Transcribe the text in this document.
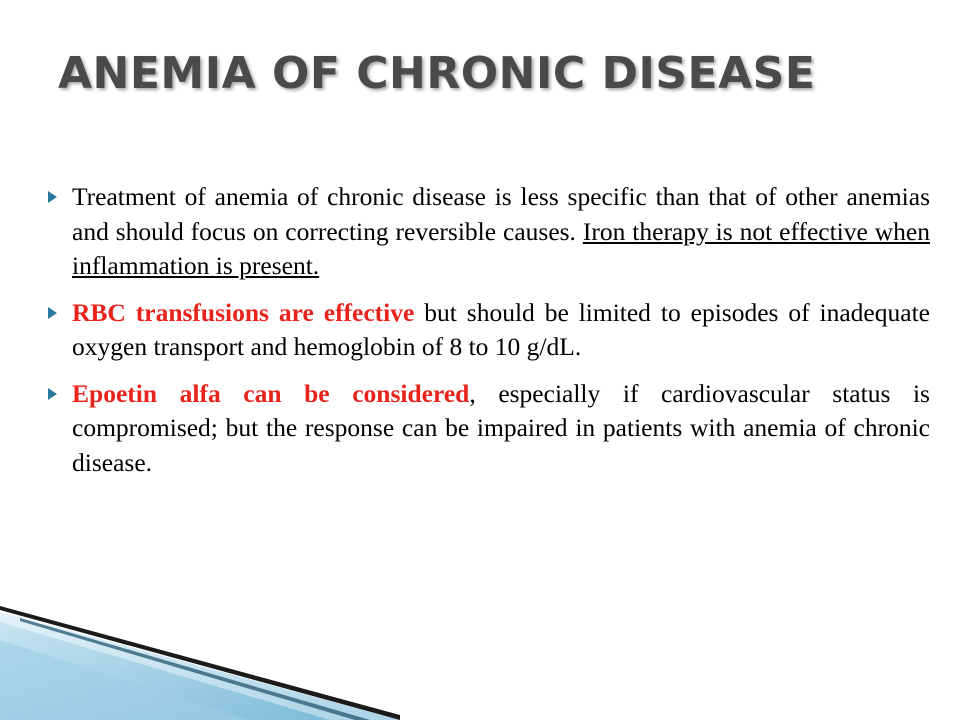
ANEMIA OF CHRONIC DISEASE
Treatment of anemia of chronic disease is less specific than that of other anemias and should focus on correcting reversible causes. Iron therapy is not effective when inflammation is present.
RBC transfusions are effective but should be limited to episodes of inadequate oxygen transport and hemoglobin of 8 to 10 g/dL.
Epoetin alfa can be considered, especially if cardiovascular status is compromised; but the response can be impaired in patients with anemia of chronic disease.
